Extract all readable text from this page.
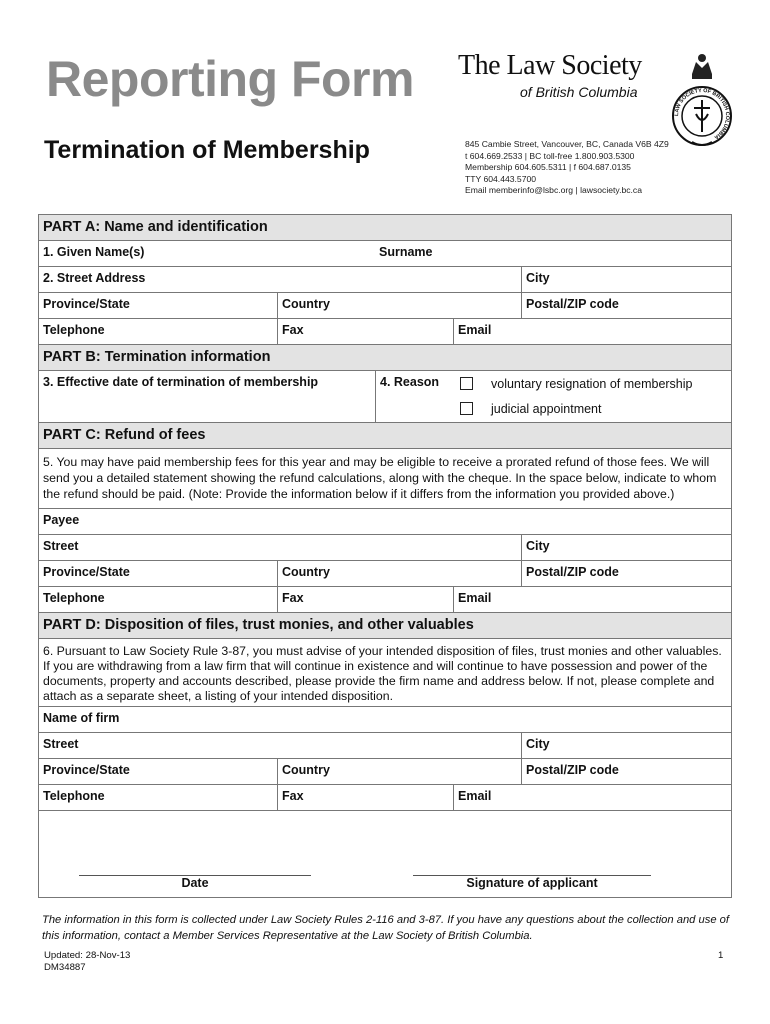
Reporting Form
Termination of Membership
The Law Society
of British Columbia
LAW SOCIETY OF BRITISH COLUMBIA
845 Cambie Street, Vancouver, BC, Canada V6B 4Z9
t 604.669.2533 | BC toll-free 1.800.903.5300
Membership 604.605.5311 | f 604.687.0135
TTY 604.443.5700
Email memberinfo@lsbc.org | lawsociety.bc.ca
PART A: Name and identification
1. Given Name(s)	Surname
2. Street Address	City
Province/State	Country	Postal/ZIP code
Telephone	Fax	Email
PART B: Termination information
3. Effective date of termination of membership	4. Reason	voluntary resignation of membership
judicial appointment
PART C: Refund of fees
5. You may have paid membership fees for this year and may be eligible to receive a prorated refund of those fees. We will send you a detailed statement showing the refund calculations, along with the cheque. In the space below, indicate to whom the refund should be paid. (Note: Provide the information below if it differs from the information you provided above.)
Payee
Street	City
Province/State	Country	Postal/ZIP code
Telephone	Fax	Email
PART D: Disposition of files, trust monies, and other valuables
6. Pursuant to Law Society Rule 3-87, you must advise of your intended disposition of files, trust monies and other valuables. If you are withdrawing from a law firm that will continue in existence and will continue to have possession and power of the documents, property and accounts described, please provide the firm name and address below. If not, please complete and attach as a separate sheet, a listing of your intended disposition.
Name of firm
Street	City
Province/State	Country	Postal/ZIP code
Telephone	Fax	Email
Date	Signature of applicant
The information in this form is collected under Law Society Rules 2-116 and 3-87. If you have any questions about the collection and use of this information, contact a Member Services Representative at the Law Society of British Columbia.
Updated: 28-Nov-13
DM34887
1
